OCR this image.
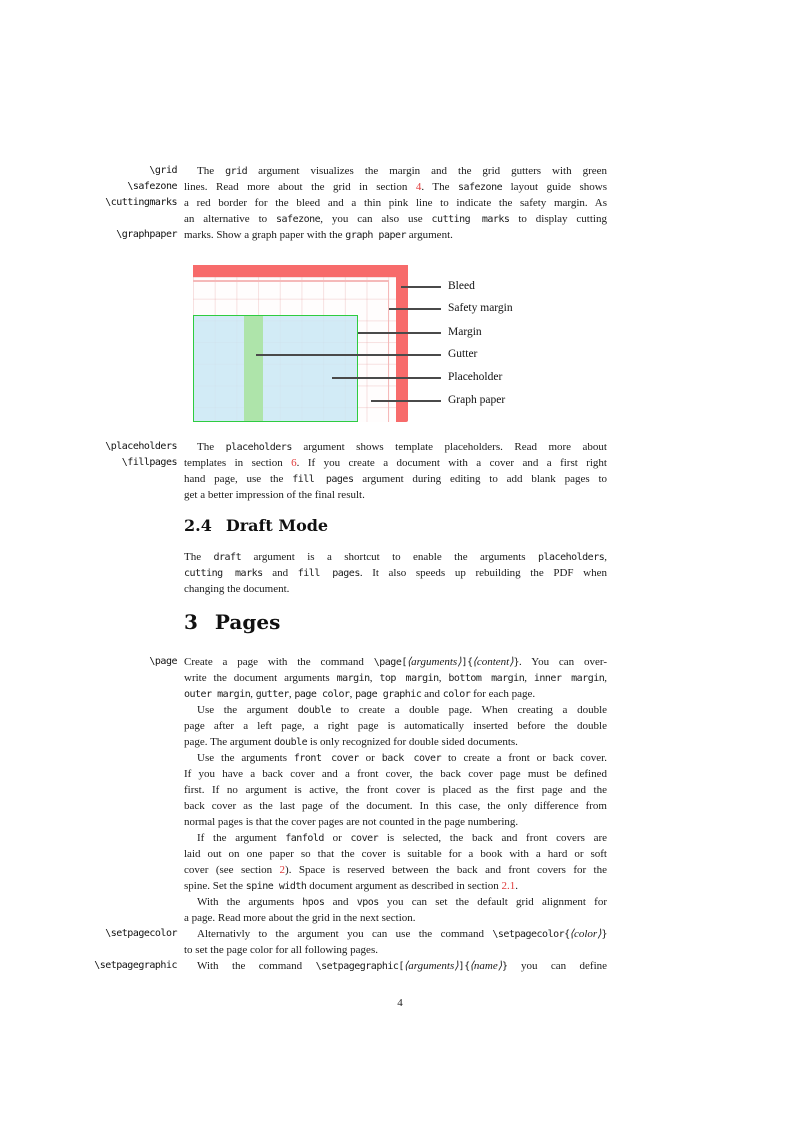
The grid argument visualizes the margin and the grid gutters with green
lines. Read more about the grid in section 4. The safezone layout guide shows
a red border for the bleed and a thin pink line to indicate the safety margin. As
an alternative to safezone, you can also use cutting marks to display cutting
marks. Show a graph paper with the graph paper argument.
\grid
\safezone
\cuttingmarks
\graphpaper
Bleed
Safety margin
Margin
Gutter
Placeholder
Graph paper
The placeholders argument shows template placeholders. Read more about
templates in section 6. If you create a document with a cover and a first right
hand page, use the fill pages argument during editing to add blank pages to
get a better impression of the final result.
\placeholders
\fillpages
2.4 Draft Mode
The draft argument is a shortcut to enable the arguments placeholders,
cutting marks and fill pages. It also speeds up rebuilding the PDF when
changing the document.
3 Pages
Create a page with the command \page[⟨arguments⟩]{⟨content⟩}. You can over-
write the document arguments margin, top margin, bottom margin, inner margin,
outer margin, gutter, page color, page graphic and color for each page.
Use the argument double to create a double page. When creating a double
page after a left page, a right page is automatically inserted before the double
page. The argument double is only recognized for double sided documents.
Use the arguments front cover or back cover to create a front or back cover.
If you have a back cover and a front cover, the back cover page must be defined
first. If no argument is active, the front cover is placed as the first page and the
back cover as the last page of the document. In this case, the only difference from
normal pages is that the cover pages are not counted in the page numbering.
If the argument fanfold or cover is selected, the back and front covers are
laid out on one paper so that the cover is suitable for a book with a hard or soft
cover (see section 2). Space is reserved between the back and front covers for the
spine. Set the spine width document argument as described in section 2.1.
With the arguments hpos and vpos you can set the default grid alignment for
a page. Read more about the grid in the next section.
Alternativly to the argument you can use the command \setpagecolor{⟨color⟩}
to set the page color for all following pages.
With the command \setpagegraphic[⟨arguments⟩]{⟨name⟩} you can define
\page
\setpagecolor
\setpagegraphic
4
